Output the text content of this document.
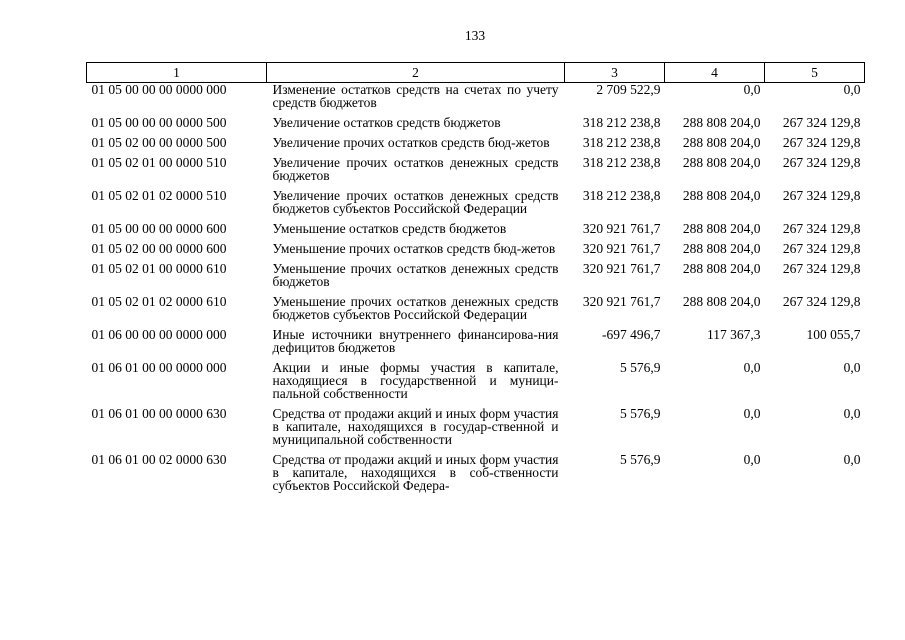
133
1	2	3	4	5
01 05 00 00 00 0000 000	Изменение остатков средств на счетах по учету средств бюджетов	2 709 522,9	0,0	0,0
01 05 00 00 00 0000 500	Увеличение остатков средств бюджетов	318 212 238,8	288 808 204,0	267 324 129,8
01 05 02 00 00 0000 500	Увеличение прочих остатков средств бюд-жетов	318 212 238,8	288 808 204,0	267 324 129,8
01 05 02 01 00 0000 510	Увеличение прочих остатков денежных средств бюджетов	318 212 238,8	288 808 204,0	267 324 129,8
01 05 02 01 02 0000 510	Увеличение прочих остатков денежных средств бюджетов субъектов Российской Федерации	318 212 238,8	288 808 204,0	267 324 129,8
01 05 00 00 00 0000 600	Уменьшение остатков средств бюджетов	320 921 761,7	288 808 204,0	267 324 129,8
01 05 02 00 00 0000 600	Уменьшение прочих остатков средств бюд-жетов	320 921 761,7	288 808 204,0	267 324 129,8
01 05 02 01 00 0000 610	Уменьшение прочих остатков денежных средств бюджетов	320 921 761,7	288 808 204,0	267 324 129,8
01 05 02 01 02 0000 610	Уменьшение прочих остатков денежных средств бюджетов субъектов Российской Федерации	320 921 761,7	288 808 204,0	267 324 129,8
01 06 00 00 00 0000 000	Иные источники внутреннего финансирова-ния дефицитов бюджетов	-697 496,7	117 367,3	100 055,7
01 06 01 00 00 0000 000	Акции и иные формы участия в капитале, находящиеся в государственной и муници-пальной собственности	5 576,9	0,0	0,0
01 06 01 00 00 0000 630	Средства от продажи акций и иных форм участия в капитале, находящихся в государ-ственной и муниципальной собственности	5 576,9	0,0	0,0
01 06 01 00 02 0000 630	Средства от продажи акций и иных форм участия в капитале, находящихся в соб-ственности субъектов Российской Федера-	5 576,9	0,0	0,0
